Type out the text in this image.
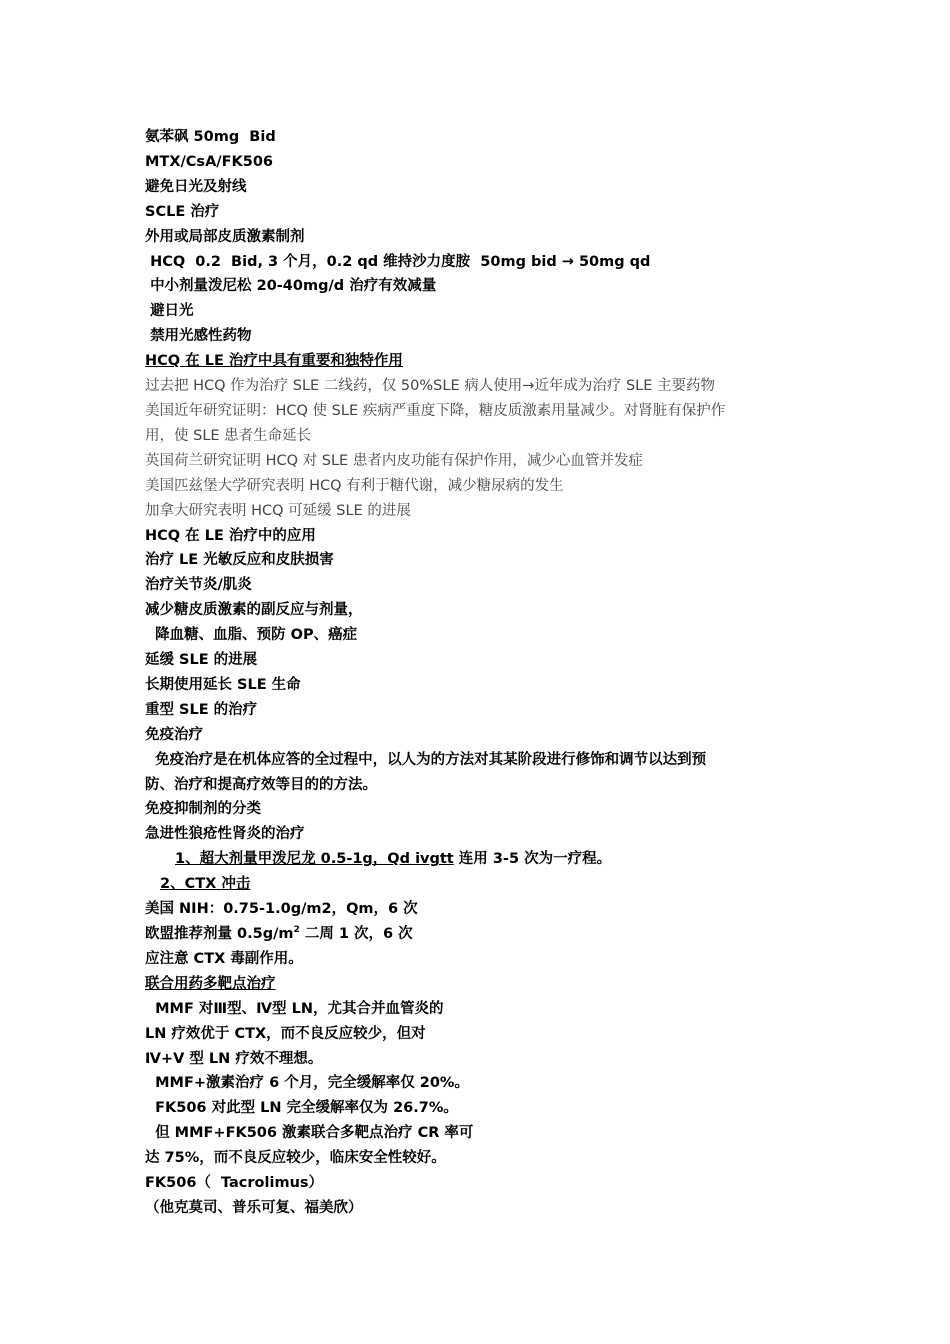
氨苯砜 50mg  Bid
MTX/CsA/FK506
避免日光及射线
SCLE 治疗
外用或局部皮质激素制剂
HCQ  0.2  Bid, 3 个月，0.2 qd 维持沙力度胺  50mg bid → 50mg qd
中小剂量泼尼松 20-40mg/d 治疗有效减量
避日光
禁用光感性药物
HCQ 在 LE 治疗中具有重要和独特作用
过去把 HCQ 作为治疗 SLE 二线药，仅 50%SLE 病人使用→近年成为治疗 SLE 主要药物
美国近年研究证明：HCQ 使 SLE 疾病严重度下降，糖皮质激素用量减少。对肾脏有保护作
用，使 SLE 患者生命延长
英国荷兰研究证明 HCQ 对 SLE 患者内皮功能有保护作用，减少心血管并发症
美国匹兹堡大学研究表明 HCQ 有利于糖代谢，减少糖尿病的发生
加拿大研究表明 HCQ 可延缓 SLE 的进展
HCQ 在 LE 治疗中的应用
治疗 LE 光敏反应和皮肤损害
治疗关节炎/肌炎
减少糖皮质激素的副反应与剂量，
降血糖、血脂、预防 OP、癌症
延缓 SLE 的进展
长期使用延长 SLE 生命
重型 SLE 的治疗
免疫治疗
免疫治疗是在机体应答的全过程中，以人为的方法对其某阶段进行修饰和调节以达到预
防、治疗和提高疗效等目的的方法。
免疫抑制剂的分类
急进性狼疮性肾炎的治疗
1、超大剂量甲泼尼龙 0.5-1g，Qd ivgtt 连用 3-5 次为一疗程。
2、CTX 冲击
美国 NIH：0.75-1.0g/m2，Qm，6 次
欧盟推荐剂量 $0.5g/m^2$ 二周 1 次，6 次
应注意 CTX 毒副作用。
联合用药多靶点治疗
MMF 对Ⅲ型、Ⅳ型 LN，尤其合并血管炎的
LN 疗效优于 CTX，而不良反应较少，但对
Ⅳ+V 型 LN 疗效不理想。
MMF+激素治疗 6 个月，完全缓解率仅 20%。
FK506 对此型 LN 完全缓解率仅为 26.7%。
但 MMF+FK506 激素联合多靶点治疗 CR 率可
达 75%，而不良反应较少，临床安全性较好。
FK506（  Tacrolimus）
（他克莫司、普乐可复、福美欣）
